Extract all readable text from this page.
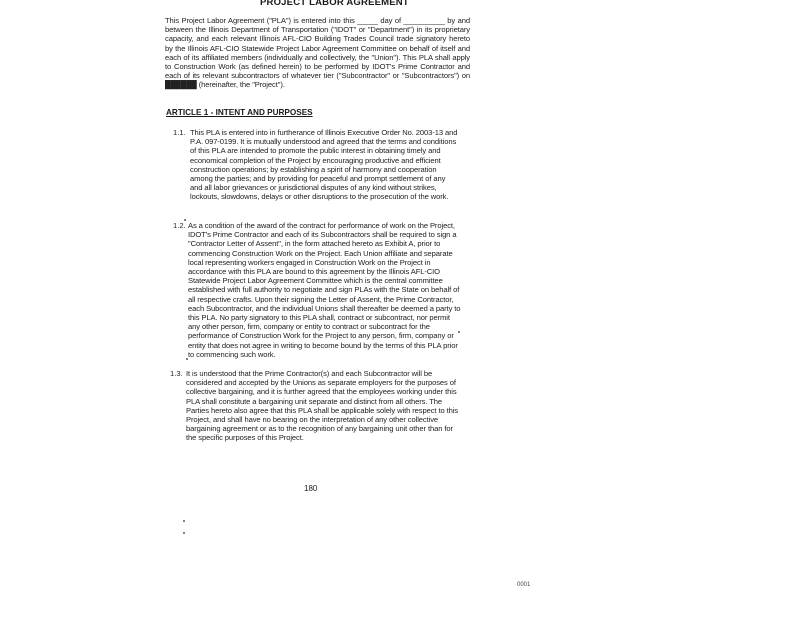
PROJECT LABOR AGREEMENT
This Project Labor Agreement ("PLA") is entered into this _____ day of __________ by and between the Illinois Department of Transportation ("IDOT" or "Department") in its proprietary capacity, and each relevant Illinois AFL-CIO Building Trades Council trade signatory hereto by the Illinois AFL-CIO Statewide Project Labor Agreement Committee on behalf of itself and each of its affiliated members (individually and collectively, the "Union"). This PLA shall apply to Construction Work (as defined herein) to be performed by IDOT's Prime Contractor and each of its relevant subcontractors of whatever tier ("Subcontractor" or "Subcontractors") on ██████ (hereinafter, the "Project").
ARTICLE 1 - INTENT AND PURPOSES
1.1. This PLA is entered into in furtherance of Illinois Executive Order No. 2003-13 and P.A. 097-0199. It is mutually understood and agreed that the terms and conditions of this PLA are intended to promote the public interest in obtaining timely and economical completion of the Project by encouraging productive and efficient construction operations; by establishing a spirit of harmony and cooperation among the parties; and by providing for peaceful and prompt settlement of any and all labor grievances or jurisdictional disputes of any kind without strikes, lockouts, slowdowns, delays or other disruptions to the prosecution of the work.
1.2. As a condition of the award of the contract for performance of work on the Project, IDOT's Prime Contractor and each of its Subcontractors shall be required to sign a "Contractor Letter of Assent", in the form attached hereto as Exhibit A, prior to commencing Construction Work on the Project. Each Union affiliate and separate local representing workers engaged in Construction Work on the Project in accordance with this PLA are bound to this agreement by the Illinois AFL-CIO Statewide Project Labor Agreement Committee which is the central committee established with full authority to negotiate and sign PLAs with the State on behalf of all respective crafts. Upon their signing the Letter of Assent, the Prime Contractor, each Subcontractor, and the individual Unions shall thereafter be deemed a party to this PLA. No party signatory to this PLA shall, contract or subcontract, nor permit any other person, firm, company or entity to contract or subcontract for the performance of Construction Work for the Project to any person, firm, company or entity that does not agree in writing to become bound by the terms of this PLA prior to commencing such work.
1.3. It is understood that the Prime Contractor(s) and each Subcontractor will be considered and accepted by the Unions as separate employers for the purposes of collective bargaining, and it is further agreed that the employees working under this PLA shall constitute a bargaining unit separate and distinct from all others. The Parties hereto also agree that this PLA shall be applicable solely with respect to this Project, and shall have no bearing on the interpretation of any other collective bargaining agreement or as to the recognition of any bargaining unit other than for the specific purposes of this Project.
180
0001
